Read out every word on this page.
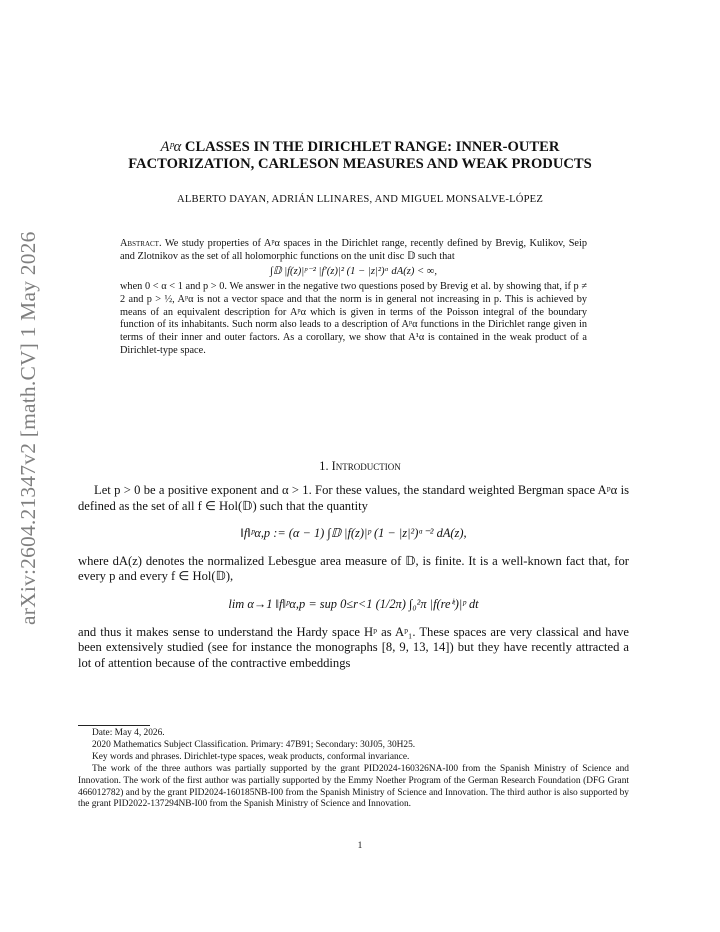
arXiv:2604.21347v2 [math.CV] 1 May 2026
Aᵖα CLASSES IN THE DIRICHLET RANGE: INNER-OUTER
FACTORIZATION, CARLESON MEASURES AND WEAK PRODUCTS
ALBERTO DAYAN, ADRIÁN LLINARES, AND MIGUEL MONSALVE-LÓPEZ

Abstract. We study properties of Aᵖα spaces in the Dirichlet range, recently defined by Brevig, Kulikov, Seip and Zlotnikov as the set of all holomorphic functions on the unit disc 𝔻 such that

∫𝔻 |f(z)|ᵖ⁻² |f′(z)|² (1 − |z|²)ᵅ dA(z) < ∞,

when 0 < α < 1 and p > 0. We answer in the negative two questions posed by Brevig et al. by showing that, if p ≠ 2 and p > ½, Aᵖα is not a vector space and that the norm is in general not increasing in p. This is achieved by means of an equivalent description for Aᵖα which is given in terms of the Poisson integral of the boundary function of its inhabitants. Such norm also leads to a description of Aᵖα functions in the Dirichlet range given in terms of their inner and outer factors. As a corollary, we show that A¹α is contained in the weak product of a Dirichlet-type space.

1. Introduction

Let p > 0 be a positive exponent and α > 1. For these values, the standard weighted Bergman space Aᵖα is defined as the set of all f ∈ Hol(𝔻) such that the quantity

‖f‖ᵖα,p := (α − 1) ∫𝔻 |f(z)|ᵖ (1 − |z|²)ᵅ⁻² dA(z),

where dA(z) denotes the normalized Lebesgue area measure of 𝔻, is finite. It is a well-known fact that, for every p and every f ∈ Hol(𝔻),

lim α→1 ‖f‖ᵖα,p = sup 0≤r<1 (1/2π) ∫₀²π |f(reⁱᵗ)|ᵖ dt

and thus it makes sense to understand the Hardy space Hᵖ as Aᵖ₁. These spaces are very classical and have been extensively studied (see for instance the monographs [8, 9, 13, 14]) but they have recently attracted a lot of attention because of the contractive embeddings

Date: May 4, 2026.

2020 Mathematics Subject Classification. Primary: 47B91; Secondary: 30J05, 30H25.

Key words and phrases. Dirichlet-type spaces, weak products, conformal invariance.

The work of the three authors was partially supported by the grant PID2024-160326NA-I00 from the Spanish Ministry of Science and Innovation. The work of the first author was partially supported by the Emmy Noether Program of the German Research Foundation (DFG Grant 466012782) and by the grant PID2024-160185NB-I00 from the Spanish Ministry of Science and Innovation. The third author is also supported by the grant PID2022-137294NB-I00 from the Spanish Ministry of Science and Innovation.

1
